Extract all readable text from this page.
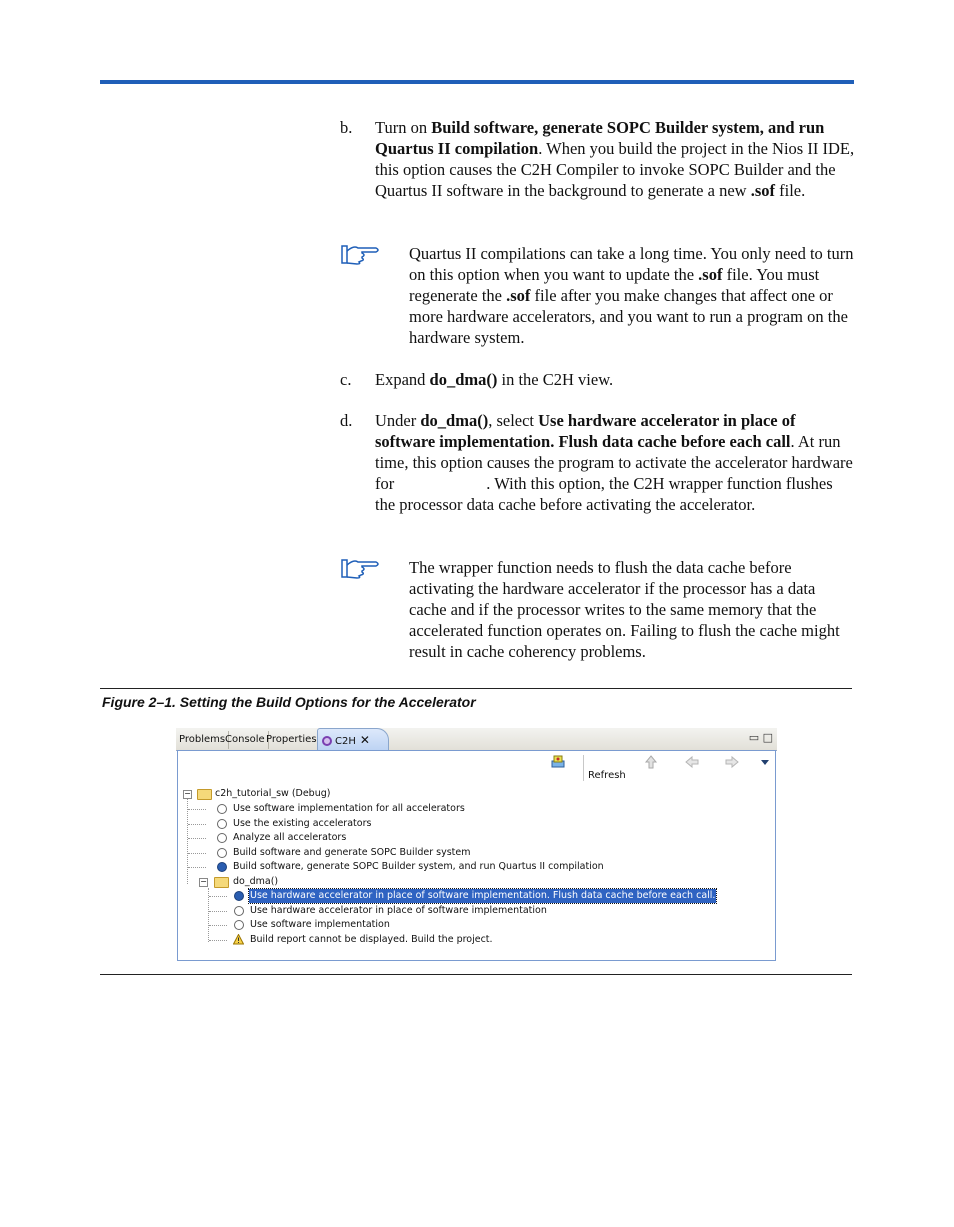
b. Turn on Build software, generate SOPC Builder system, and run Quartus II compilation. When you build the project in the Nios II IDE, this option causes the C2H Compiler to invoke SOPC Builder and the Quartus II software in the background to generate a new .sof file.
Quartus II compilations can take a long time. You only need to turn on this option when you want to update the .sof file. You must regenerate the .sof file after you make changes that affect one or more hardware accelerators, and you want to run a program on the hardware system.
c. Expand do_dma() in the C2H view.
d. Under do_dma(), select Use hardware accelerator in place of software implementation. Flush data cache before each call. At run time, this option causes the program to activate the accelerator hardware for	. With this option, the C2H wrapper function flushes the processor data cache before activating the accelerator.
The wrapper function needs to flush the data cache before activating the hardware accelerator if the processor has a data cache and if the processor writes to the same memory that the accelerated function operates on. Failing to flush the cache might result in cache coherency problems.
Figure 2–1. Setting the Build Options for the Accelerator
Problems Console Properties	C2H ✕	▭ □
Refresh
−	c2h_tutorial_sw (Debug)
Use software implementation for all accelerators
Use the existing accelerators
Analyze all accelerators
Build software and generate SOPC Builder system
Build software, generate SOPC Builder system, and run Quartus II compilation
−	do_dma()
Use hardware accelerator in place of software implementation. Flush data cache before each call.
Use hardware accelerator in place of software implementation
Use software implementation
Build report cannot be displayed. Build the project.
